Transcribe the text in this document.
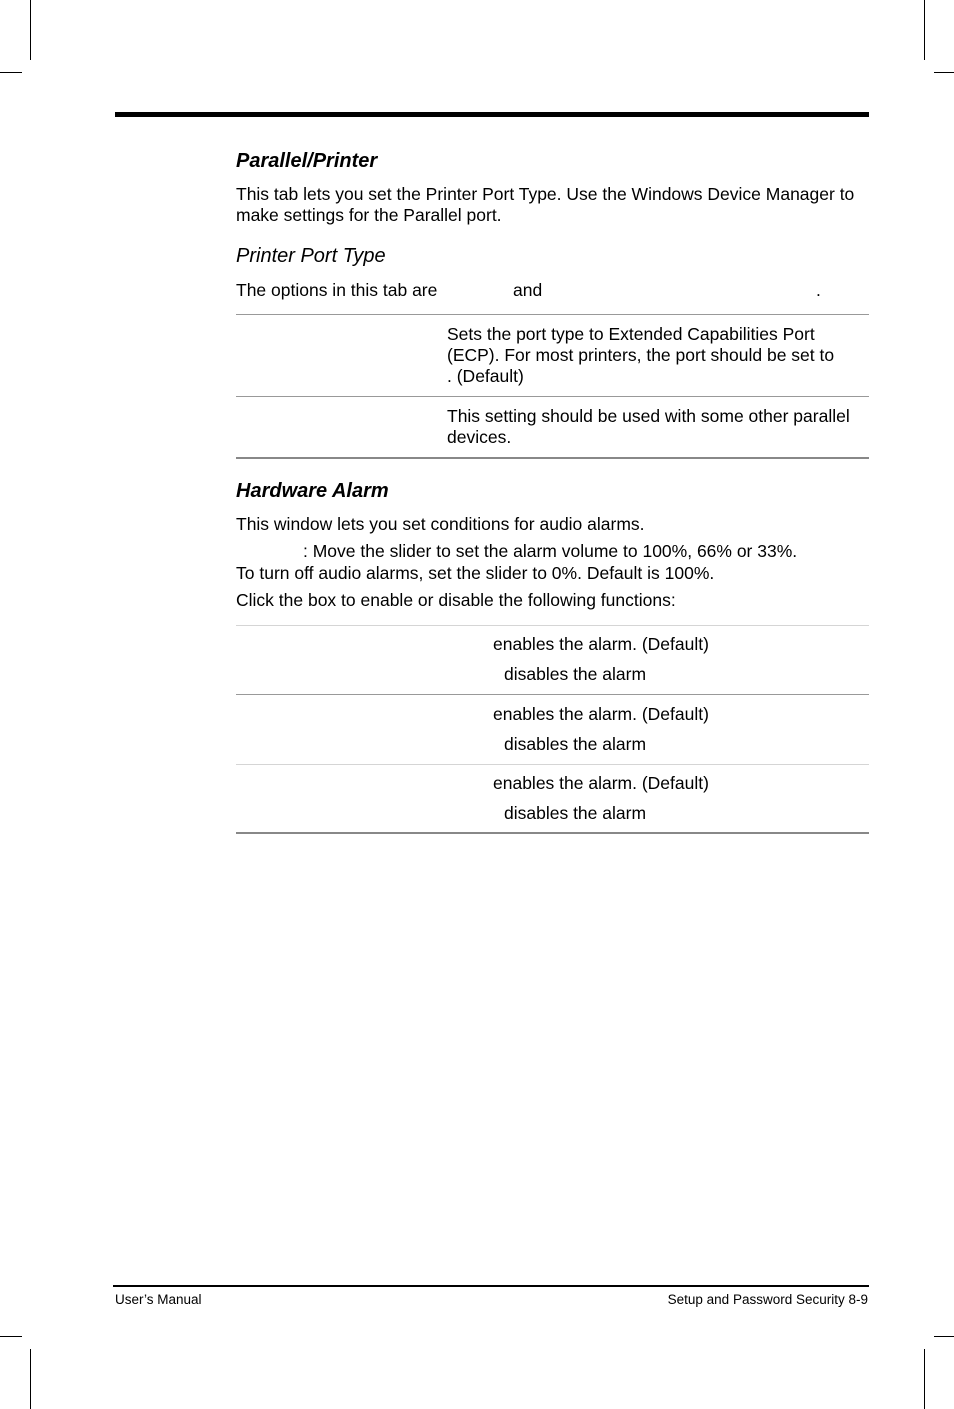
Parallel/Printer

This tab lets you set the Printer Port Type. Use the Windows Device Manager to make settings for the Parallel port.

Printer Port Type
The options in this tab are	and	.

Sets the port type to Extended Capabilities Port (ECP). For most printers, the port should be set to. (Default)

This setting should be used with some other parallel devices.

Hardware Alarm

This window lets you set conditions for audio alarms.

: Move the slider to set the alarm volume to 100%, 66% or 33%.
To turn off audio alarms, set the slider to 0%. Default is 100%.

Click the box to enable or disable the following functions:

enables the alarm. (Default)
disables the alarm
enables the alarm. (Default)
disables the alarm
enables the alarm. (Default)
disables the alarm
User’s Manual	Setup and Password Security 8-9
